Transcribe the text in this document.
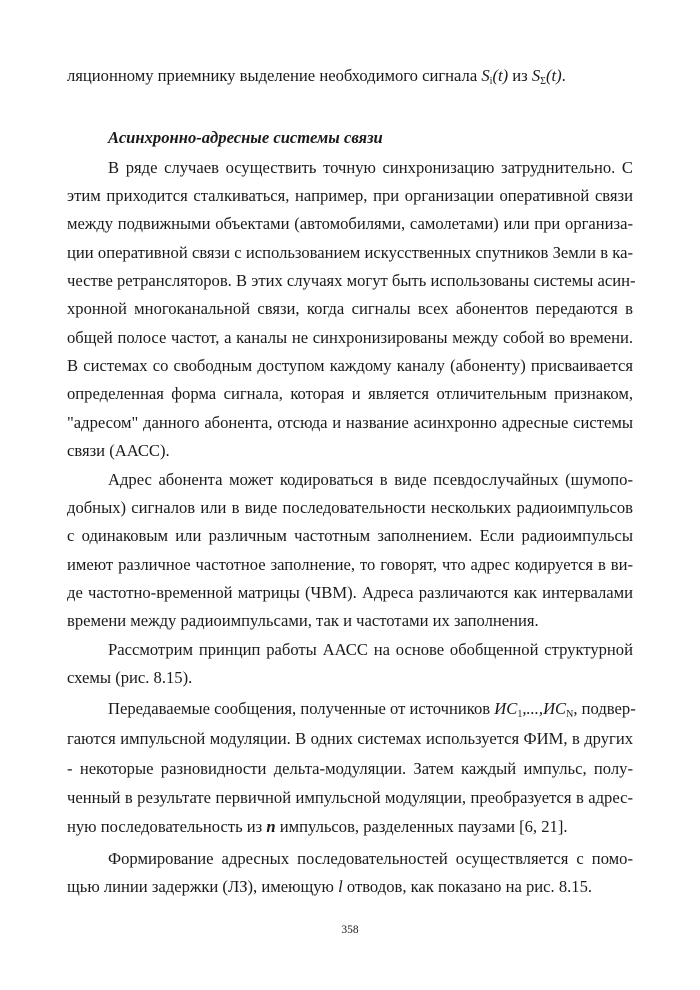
ляционному приемнику выделение необходимого сигнала $S_i(t)$ из $S_\Sigma(t)$.
Асинхронно-адресные системы связи
В ряде случаев осуществить точную синхронизацию затруднительно. С
этим приходится сталкиваться, например, при организации оперативной связи
между подвижными объектами (автомобилями, самолетами) или при организа-
ции оперативной связи с использованием искусственных спутников Земли в ка-
честве ретрансляторов. В этих случаях могут быть использованы системы асин-
хронной многоканальной связи, когда сигналы всех абонентов передаются в
общей полосе частот, а каналы не синхронизированы между собой во времени.
В системах со свободным доступом каждому каналу (абоненту) присваивается
определенная форма сигнала, которая и является отличительным признаком,
"адресом" данного абонента, отсюда и название асинхронно адресные системы
связи (ААСС).
Адрес абонента может кодироваться в виде псевдослучайных (шумопо-
добных) сигналов или в виде последовательности нескольких радиоимпульсов
с одинаковым или различным частотным заполнением. Если радиоимпульсы
имеют различное частотное заполнение, то говорят, что адрес кодируется в ви-
де частотно-временной матрицы (ЧВМ). Адреса различаются как интервалами
времени между радиоимпульсами, так и частотами их заполнения.
Рассмотрим принцип работы ААСС на основе обобщенной структурной
схемы (рис. 8.15).
Передаваемые сообщения, полученные от источников $ИС_1,...,ИС_N$, подвер-
гаются импульсной модуляции. В одних системах используется ФИМ, в других
- некоторые разновидности дельта-модуляции. Затем каждый импульс, полу-
ченный в результате первичной импульсной модуляции, преобразуется в адрес-
ную последовательность из n импульсов, разделенных паузами [6, 21].
Формирование адресных последовательностей осуществляется с помо-
щью линии задержки (ЛЗ), имеющую l отводов, как показано на рис. 8.15.
358
